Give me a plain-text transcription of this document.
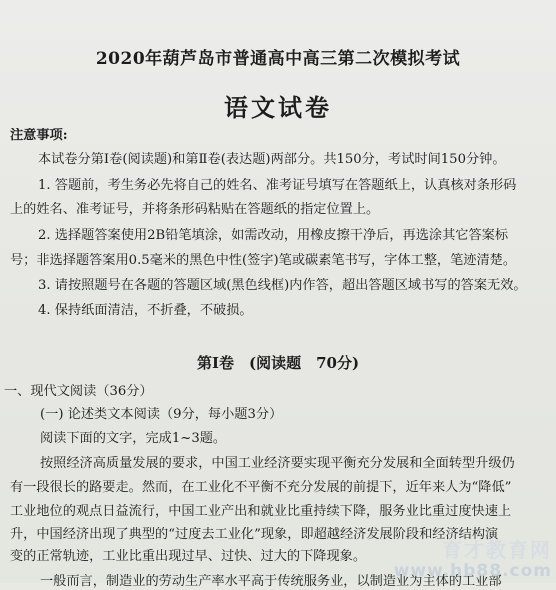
2020年葫芦岛市普通高中高三第二次模拟考试
语文试卷
注意事项:
本试卷分第Ⅰ卷(阅读题)和第Ⅱ卷(表达题)两部分。共150分，考试时间150分钟。
1. 答题前，考生务必先将自己的姓名、准考证号填写在答题纸上，认真核对条形码
上的姓名、准考证号，并将条形码粘贴在答题纸的指定位置上。
2. 选择题答案使用2B铅笔填涂，如需改动，用橡皮擦干净后，再选涂其它答案标
号；非选择题答案用0.5毫米的黑色中性(签字)笔或碳素笔书写，字体工整，笔迹清楚。
3. 请按照题号在各题的答题区域(黑色线框)内作答，超出答题区域书写的答案无效。
4. 保持纸面清洁，不折叠，不破损。
第Ⅰ卷　(阅读题　70分)
一、现代文阅读（36分）
(一) 论述类文本阅读（9分，每小题3分）
阅读下面的文字，完成1~3题。
按照经济高质量发展的要求，中国工业经济要实现平衡充分发展和全面转型升级仍
有一段很长的路要走。然而，在工业化不平衡不充分发展的前提下，近年来人为“降低”
工业地位的观点日益流行，中国工业产出和就业比重持续下降，服务业比重过度快速上
升，中国经济出现了典型的“过度去工业化”现象，即超越经济发展阶段和经济结构演
变的正常轨迹，工业比重出现过早、过快、过大的下降现象。
一般而言，制造业的劳动生产率水平高于传统服务业，以制造业为主体的工业部
育才教育网
www.hb88.com
